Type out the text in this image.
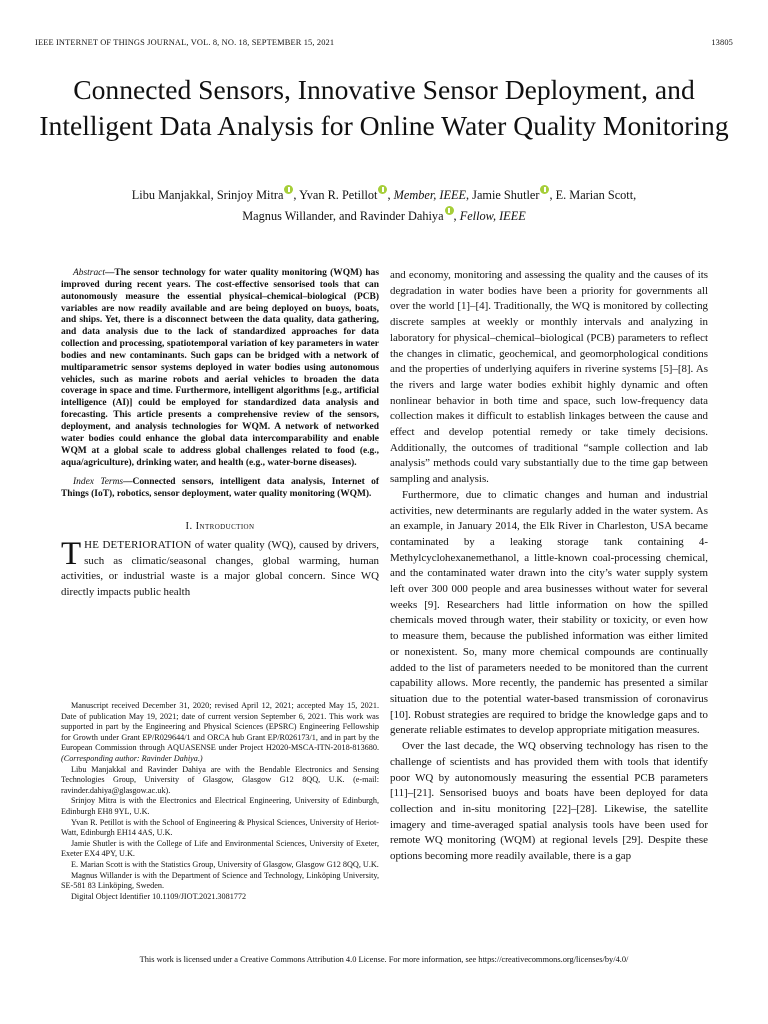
IEEE INTERNET OF THINGS JOURNAL, VOL. 8, NO. 18, SEPTEMBER 15, 2021	13805
Connected Sensors, Innovative Sensor Deployment, and Intelligent Data Analysis for Online Water Quality Monitoring
Libu Manjakkal, Srinjoy Mitra , Yvan R. Petillot , Member, IEEE, Jamie Shutler , E. Marian Scott,
Magnus Willander, and Ravinder Dahiya , Fellow, IEEE

Abstract—The sensor technology for water quality monitoring (WQM) has improved during recent years. The cost-effective sensorised tools that can autonomously measure the essential physical–chemical–biological (PCB) variables are now readily available and are being deployed on buoys, boats, and ships. Yet, there is a disconnect between the data quality, data gathering, and data analysis due to the lack of standardized approaches for data collection and processing, spatiotemporal variation of key parameters in water bodies and new contaminants. Such gaps can be bridged with a network of multiparametric sensor systems deployed in water bodies using autonomous vehicles, such as marine robots and aerial vehicles to broaden the data coverage in space and time. Furthermore, intelligent algorithms [e.g., artificial intelligence (AI)] could be employed for standardized data analysis and forecasting. This article presents a comprehensive review of the sensors, deployment, and analysis technologies for WQM. A network of networked water bodies could enhance the global data intercomparability and enable WQM at a global scale to address global challenges related to food (e.g., aqua/agriculture), drinking water, and health (e.g., water-borne diseases).

Index Terms—Connected sensors, intelligent data analysis, Internet of Things (IoT), robotics, sensor deployment, water quality monitoring (WQM).

I. Introduction

THE DETERIORATION of water quality (WQ), caused by drivers, such as climatic/seasonal changes, global warming, human activities, or industrial waste is a major global concern. Since WQ directly impacts public health

Manuscript received December 31, 2020; revised April 12, 2021; accepted May 15, 2021. Date of publication May 19, 2021; date of current version September 6, 2021. This work was supported in part by the Engineering and Physical Sciences (EPSRC) Engineering Fellowship for Growth under Grant EP/R029644/1 and ORCA hub Grant EP/R026173/1, and in part by the European Commission through AQUASENSE under Project H2020-MSCA-ITN-2018-813680. (Corresponding author: Ravinder Dahiya.)

Libu Manjakkal and Ravinder Dahiya are with the Bendable Electronics and Sensing Technologies Group, University of Glasgow, Glasgow G12 8QQ, U.K. (e-mail: ravinder.dahiya@glasgow.ac.uk).

Srinjoy Mitra is with the Electronics and Electrical Engineering, University of Edinburgh, Edinburgh EH8 9YL, U.K.

Yvan R. Petillot is with the School of Engineering & Physical Sciences, University of Heriot-Watt, Edinburgh EH14 4AS, U.K.

Jamie Shutler is with the College of Life and Environmental Sciences, University of Exeter, Exeter EX4 4PY, U.K.

E. Marian Scott is with the Statistics Group, University of Glasgow, Glasgow G12 8QQ, U.K.

Magnus Willander is with the Department of Science and Technology, Linköping University, SE-581 83 Linköping, Sweden.

Digital Object Identifier 10.1109/JIOT.2021.3081772

and economy, monitoring and assessing the quality and the causes of its degradation in water bodies have been a priority for governments all over the world [1]–[4]. Traditionally, the WQ is monitored by collecting discrete samples at weekly or monthly intervals and analyzing in laboratory for physical–chemical–biological (PCB) parameters to reflect the changes in climatic, geochemical, and geomorphological conditions and the properties of underlying aquifers in riverine systems [5]–[8]. As the rivers and large water bodies exhibit highly dynamic and often nonlinear behavior in both time and space, such low-frequency data collection makes it difficult to establish linkages between the cause and effect and develop potential remedy or take timely decisions. Additionally, the outcomes of traditional “sample collection and lab analysis” methods could vary substantially due to the time gap between sampling and analysis.

Furthermore, due to climatic changes and human and industrial activities, new determinants are regularly added in the water system. As an example, in January 2014, the Elk River in Charleston, USA became contaminated by a leaking storage tank containing 4-Methylcyclohexanemethanol, a little-known coal-processing chemical, and the contaminated water drawn into the city’s water supply system left over 300 000 people and area businesses without water for several weeks [9]. Researchers had little information on how the spilled chemicals moved through water, their stability or toxicity, or even how to measure them, because the published information was either limited or nonexistent. So, many more chemical compounds are continually added to the list of parameters needed to be monitored than the current capability allows. More recently, the pandemic has presented a similar situation due to the potential water-based transmission of coronavirus [10]. Robust strategies are required to bridge the knowledge gaps and to generate reliable estimates to develop appropriate mitigation measures.

Over the last decade, the WQ observing technology has risen to the challenge of scientists and has provided them with tools that identify poor WQ by autonomously measuring the essential PCB parameters [11]–[21]. Sensorised buoys and boats have been deployed for data collection and in-situ monitoring [22]–[28]. Likewise, the satellite imagery and time-averaged spatial analysis tools have been used for remote WQ monitoring (WQM) at regional levels [29]. Despite these options becoming more readily available, there is a gap

This work is licensed under a Creative Commons Attribution 4.0 License. For more information, see https://creativecommons.org/licenses/by/4.0/
